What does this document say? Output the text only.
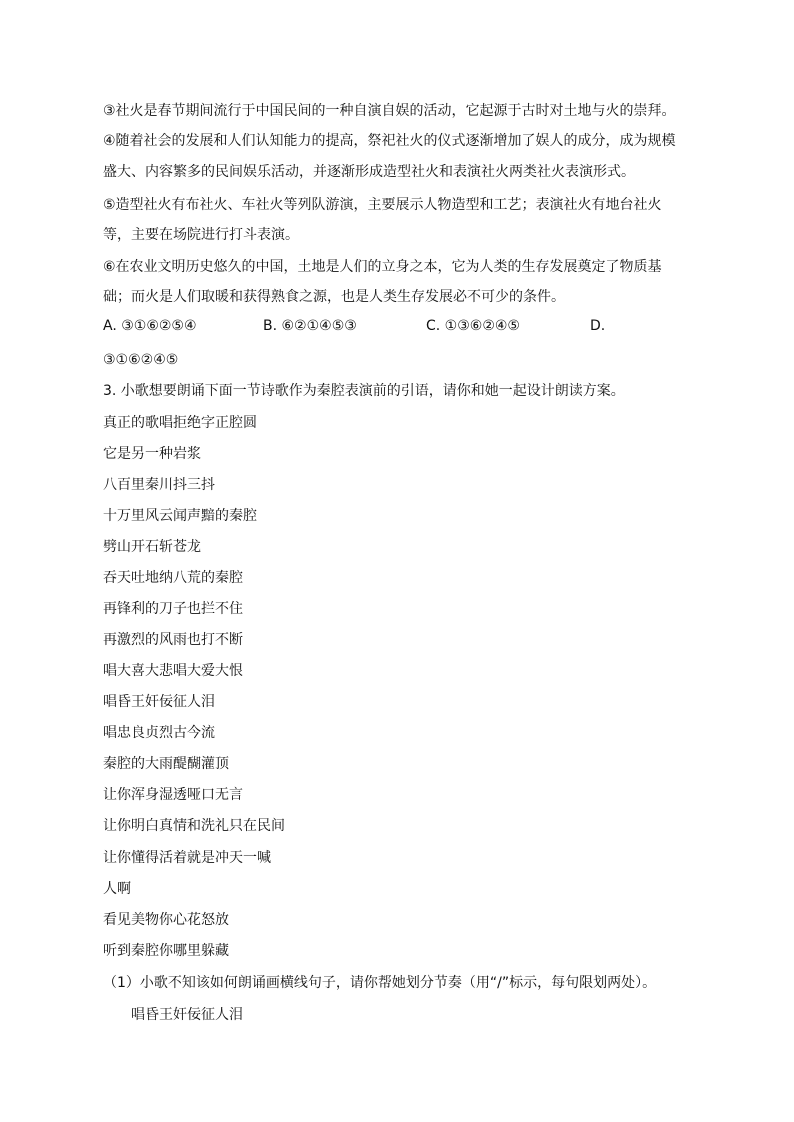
③社火是春节期间流行于中国民间的一种自演自娱的活动，它起源于古时对土地与火的崇拜。
④随着社会的发展和人们认知能力的提高，祭祀社火的仪式逐渐增加了娱人的成分，成为规模
盛大、内容繁多的民间娱乐活动，并逐渐形成造型社火和表演社火两类社火表演形式。
⑤造型社火有布社火、车社火等列队游演，主要展示人物造型和工艺；表演社火有地台社火
等，主要在场院进行打斗表演。
⑥在农业文明历史悠久的中国，土地是人们的立身之本，它为人类的生存发展奠定了物质基
础；而火是人们取暖和获得熟食之源，也是人类生存发展必不可少的条件。
A. ③①⑥②⑤④	B. ⑥②①④⑤③	C. ①③⑥②④⑤	D.
③①⑥②④⑤
3. 小歌想要朗诵下面一节诗歌作为秦腔表演前的引语，请你和她一起设计朗读方案。
真正的歌唱拒绝字正腔圆
它是另一种岩浆
八百里秦川抖三抖
十万里风云闻声黯的秦腔
劈山开石斩苍龙
吞天吐地纳八荒的秦腔
再锋利的刀子也拦不住
再激烈的风雨也打不断
唱大喜大悲唱大爱大恨
唱昏王奸佞征人泪
唱忠良贞烈古今流
秦腔的大雨醍醐灌顶
让你浑身湿透哑口无言
让你明白真情和洗礼只在民间
让你懂得活着就是冲天一喊
人啊
看见美物你心花怒放
听到秦腔你哪里躲藏
（1）小歌不知该如何朗诵画横线句子，请你帮她划分节奏（用“/”标示，每句限划两处）。
唱昏王奸佞征人泪
